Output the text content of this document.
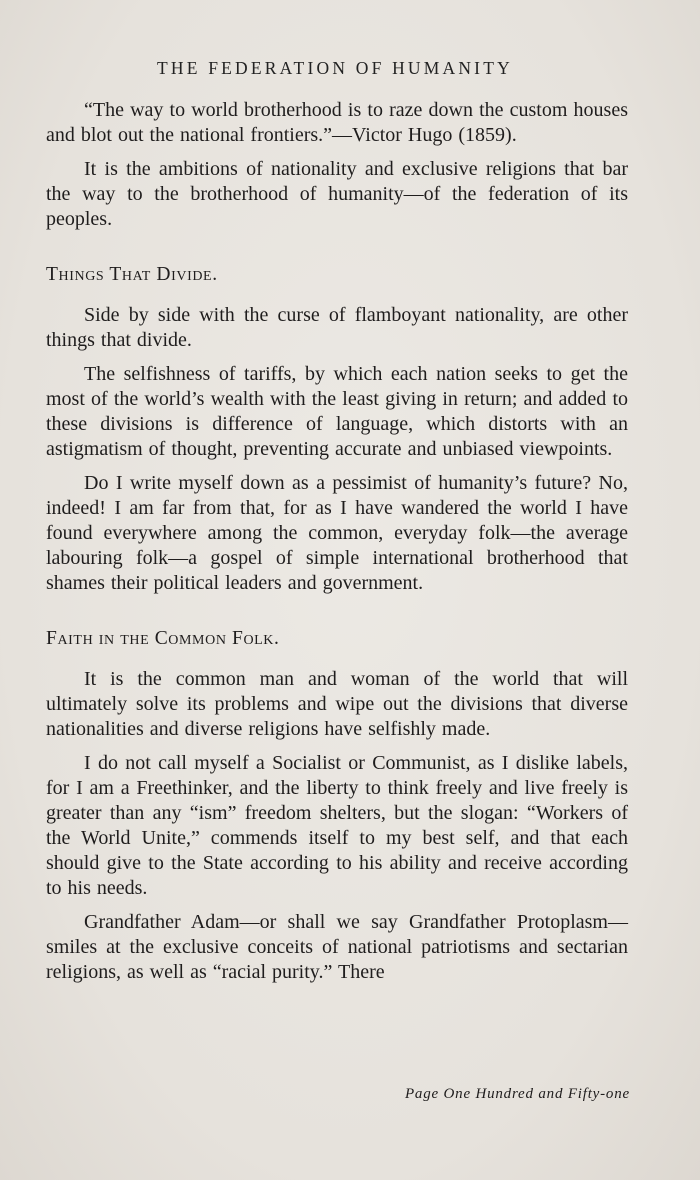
THE FEDERATION OF HUMANITY

“The way to world brotherhood is to raze down the custom houses and blot out the national frontiers.”—Victor Hugo (1859).

It is the ambitions of nationality and exclusive religions that bar the way to the brotherhood of humanity—of the federation of its peoples.

Things That Divide.

Side by side with the curse of flamboyant nationality, are other things that divide.

The selfishness of tariffs, by which each nation seeks to get the most of the world’s wealth with the least giving in return; and added to these divisions is difference of language, which distorts with an astigmatism of thought, preventing accurate and unbiased viewpoints.

Do I write myself down as a pessimist of humanity’s future? No, indeed! I am far from that, for as I have wandered the world I have found everywhere among the common, everyday folk—the average labouring folk—a gospel of simple international brotherhood that shames their political leaders and government.

Faith in the Common Folk.

It is the common man and woman of the world that will ultimately solve its problems and wipe out the divisions that diverse nationalities and diverse religions have selfishly made.

I do not call myself a Socialist or Communist, as I dislike labels, for I am a Freethinker, and the liberty to think freely and live freely is greater than any “ism” freedom shelters, but the slogan: “Workers of the World Unite,” commends itself to my best self, and that each should give to the State according to his ability and receive according to his needs.

Grandfather Adam—or shall we say Grandfather Protoplasm—smiles at the exclusive conceits of national patriotisms and sectarian religions, as well as “racial purity.” There

Page One Hundred and Fifty-one
